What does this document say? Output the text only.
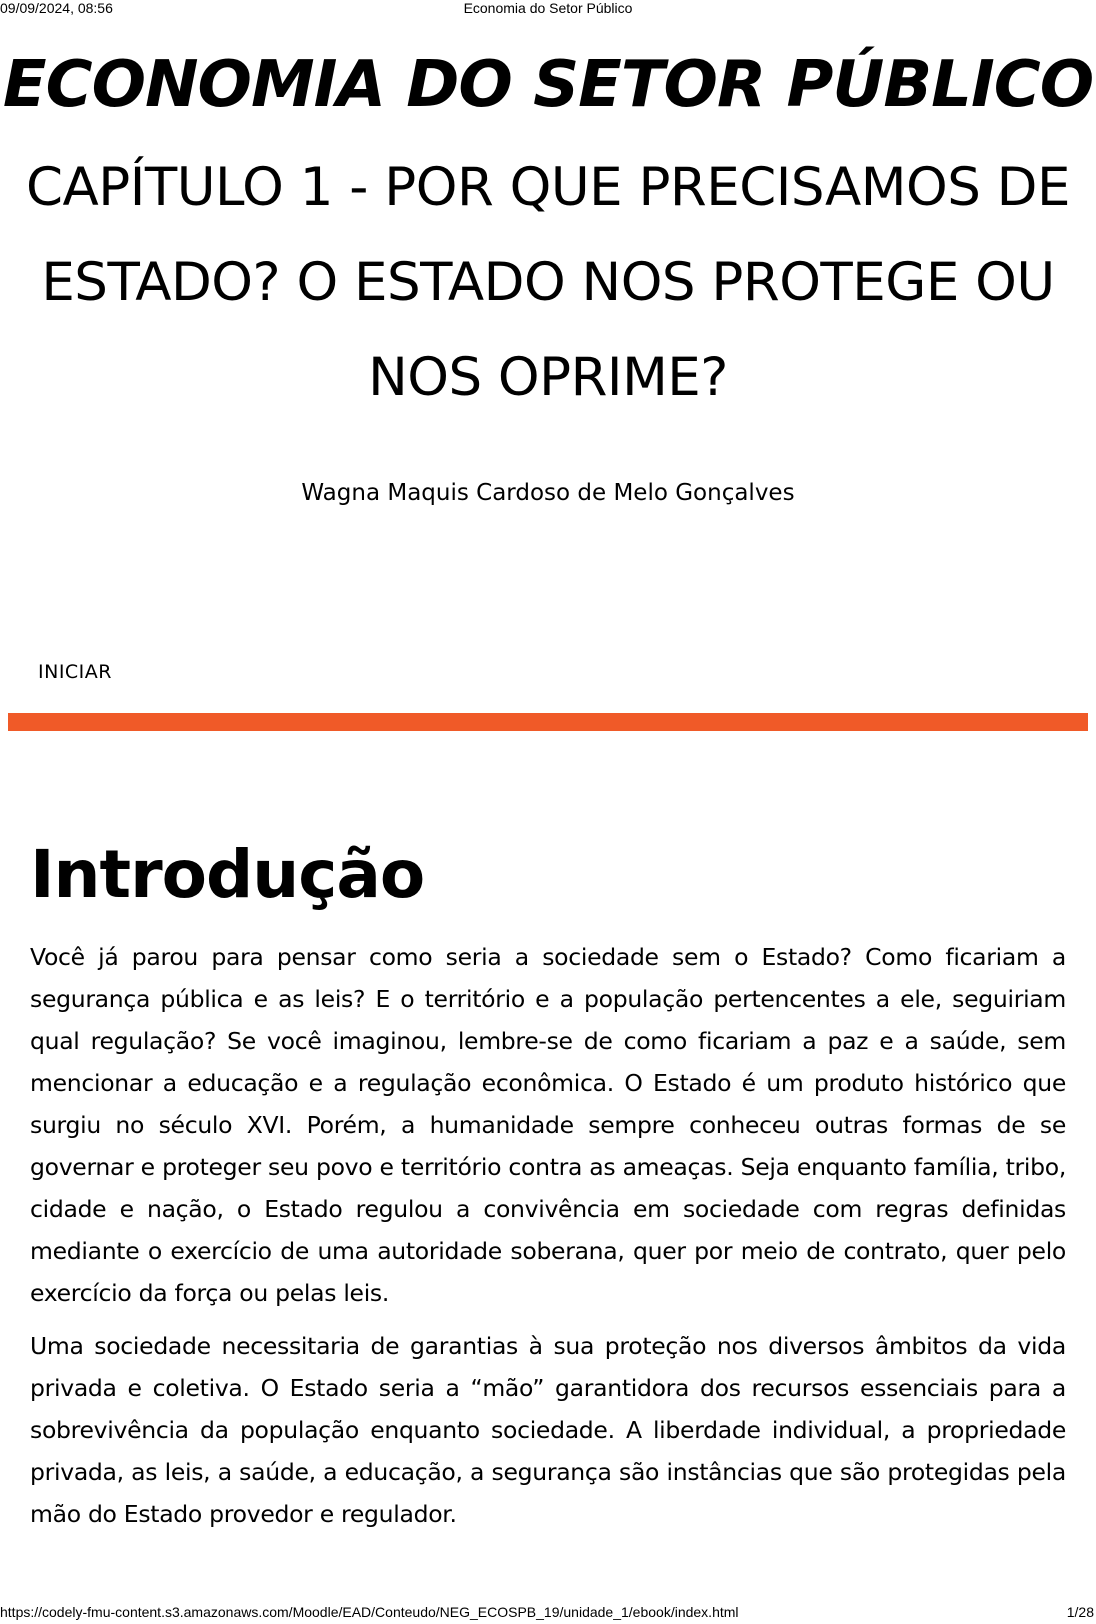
09/09/2024, 08:56	Economia do Setor Público
ECONOMIA DO SETOR PÚBLICO
CAPÍTULO 1 - POR QUE PRECISAMOS DE ESTADO? O ESTADO NOS PROTEGE OU NOS OPRIME?
Wagna Maquis Cardoso de Melo Gonçalves
INICIAR
Introdução

Você já parou para pensar como seria a sociedade sem o Estado? Como ficariam a segurança pública e as leis? E o território e a população pertencentes a ele, seguiriam qual regulação? Se você imaginou, lembre-se de como ficariam a paz e a saúde, sem mencionar a educação e a regulação econômica. O Estado é um produto histórico que surgiu no século XVI. Porém, a humanidade sempre conheceu outras formas de se governar e proteger seu povo e território contra as ameaças. Seja enquanto família, tribo, cidade e nação, o Estado regulou a convivência em sociedade com regras definidas mediante o exercício de uma autoridade soberana, quer por meio de contrato, quer pelo exercício da força ou pelas leis.

Uma sociedade necessitaria de garantias à sua proteção nos diversos âmbitos da vida privada e coletiva. O Estado seria a “mão” garantidora dos recursos essenciais para a sobrevivência da população enquanto sociedade. A liberdade individual, a propriedade privada, as leis, a saúde, a educação, a segurança são instâncias que são protegidas pela mão do Estado provedor e regulador.

https://codely-fmu-content.s3.amazonaws.com/Moodle/EAD/Conteudo/NEG_ECOSPB_19/unidade_1/ebook/index.html	1/28
